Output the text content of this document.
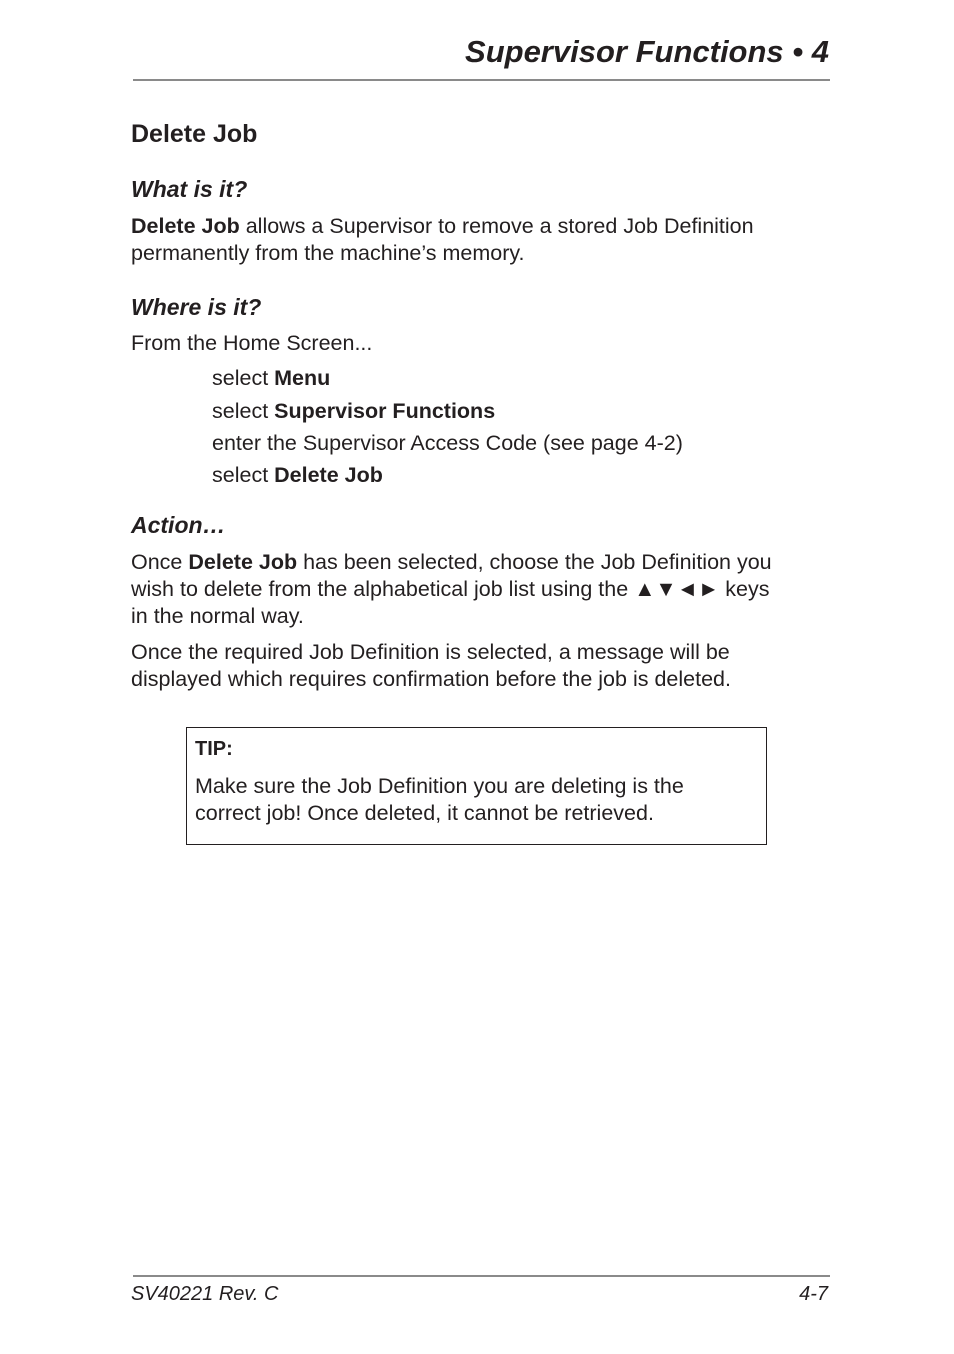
Supervisor Functions • 4
Delete Job
What is it?
Delete Job allows a Supervisor to remove a stored Job Definition
permanently from the machine’s memory.
Where is it?
From the Home Screen...
select Menu
select Supervisor Functions
enter the Supervisor Access Code (see page 4-2)
select Delete Job
Action…
Once Delete Job has been selected, choose the Job Definition you
wish to delete from the alphabetical job list using the ▲▼◄► keys
in the normal way.
Once the required Job Definition is selected, a message will be
displayed which requires confirmation before the job is deleted.
TIP:
Make sure the Job Definition you are deleting is the
correct job! Once deleted, it cannot be retrieved.
SV40221 Rev. C	4-7
